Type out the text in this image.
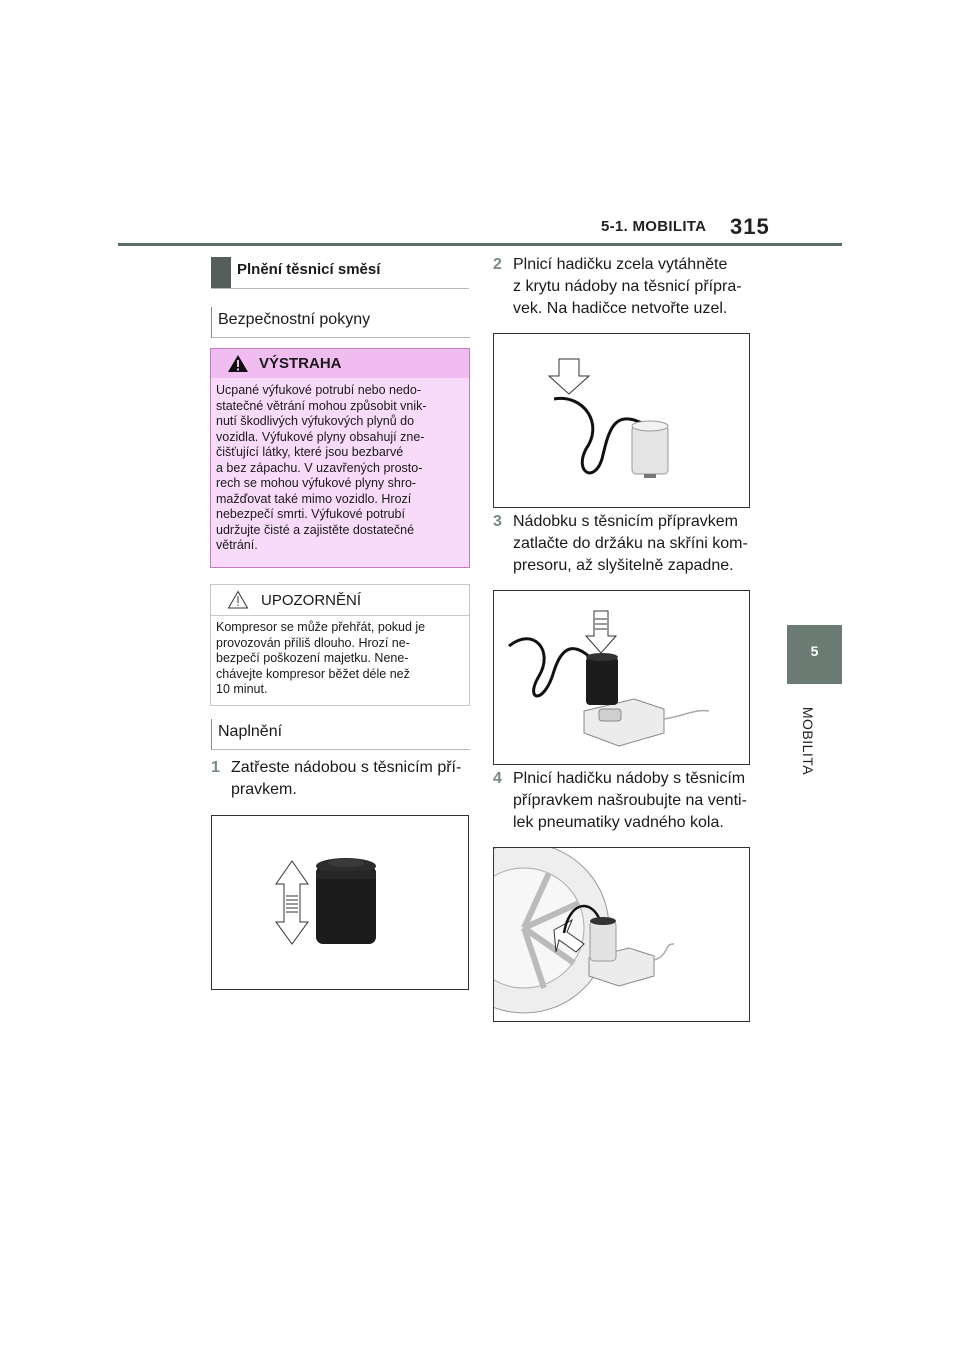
5-1. MOBILITA 315
5
MOBILITA
Plnění těsnicí směsí
Bezpečnostní pokyny
VÝSTRAHA
Ucpané výfukové potrubí nebo nedo-
statečné větrání mohou způsobit vnik-
nutí škodlivých výfukových plynů do
vozidla. Výfukové plyny obsahují zne-
čišťující látky, které jsou bezbarvé
a bez zápachu. V uzavřených prosto-
rech se mohou výfukové plyny shro-
mažďovat také mimo vozidlo. Hrozí
nebezpečí smrti. Výfukové potrubí
udržujte čisté a zajistěte dostatečné
větrání.
UPOZORNĚNÍ
Kompresor se může přehřát, pokud je
provozován příliš dlouho. Hrozí ne-
bezpečí poškození majetku. Nene-
chávejte kompresor běžet déle než
10 minut.
Naplnění
1 Zatřeste nádobou s těsnicím pří-
pravkem.
2 Plnicí hadičku zcela vytáhněte
z krytu nádoby na těsnicí přípra-
vek. Na hadičce netvořte uzel.
3 Nádobku s těsnicím přípravkem
zatlačte do držáku na skříni kom-
presoru, až slyšitelně zapadne.
4 Plnicí hadičku nádoby s těsnicím
přípravkem našroubujte na venti-
lek pneumatiky vadného kola.
